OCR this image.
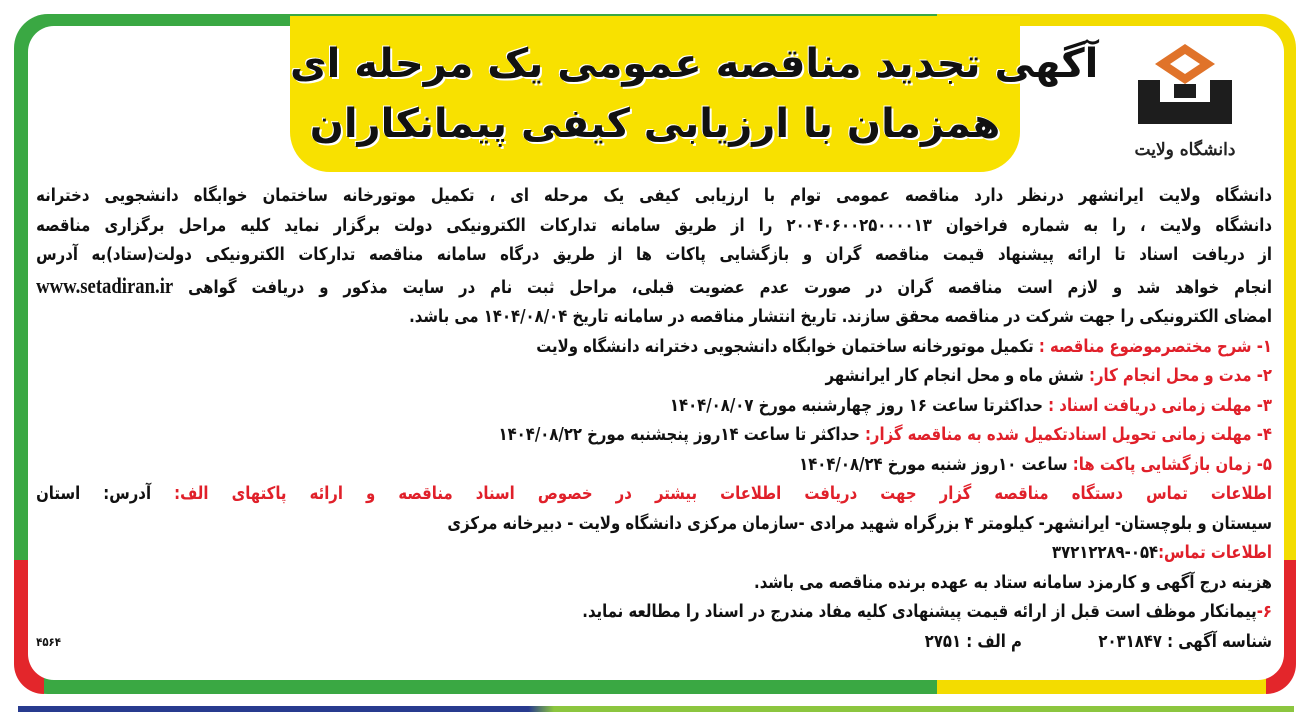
آگهی تجدید مناقصه عمومی یک مرحله ای
همزمان با ارزیابی کیفی پیمانکاران
دانشگاه ولایت
دانشگاه ولایت ایرانشهر درنظر دارد مناقصه عمومی توام با ارزیابی کیفی یک مرحله ای ، تکمیل موتورخانه ساختمان خوابگاه دانشجویی دخترانه
دانشگاه ولایت ، را به شماره فراخوان ۲۰۰۴۰۶۰۰۲۵۰۰۰۰۱۳ را از طریق سامانه تدارکات الکترونیکی دولت برگزار نماید کلیه مراحل برگزاری مناقصه
از دریافت اسناد تا ارائه پیشنهاد قیمت مناقصه گران و بازگشایی پاکات ها از طریق درگاه سامانه مناقصه تدارکات الکترونیکی دولت(ستاد)به آدرس
انجام خواهد شد و لازم است مناقصه گران در صورت عدم عضویت قبلی، مراحل ثبت نام در سایت مذکور و دریافت گواهی www.setadiran.ir
امضای الکترونیکی را جهت شرکت در مناقصه محقق سازند. تاریخ انتشار مناقصه در سامانه تاریخ ۱۴۰۴/۰۸/۰۴ می باشد.
۱- شرح مختصرموضوع مناقصه : تکمیل موتورخانه ساختمان خوابگاه دانشجویی دخترانه دانشگاه ولایت
۲- مدت و محل انجام کار: شش ماه و محل انجام کار ایرانشهر
۳- مهلت زمانی دریافت اسناد : حداکثرتا ساعت ۱۶ روز چهارشنبه مورخ ۱۴۰۴/۰۸/۰۷
۴- مهلت زمانی تحویل اسنادتکمیل شده به مناقصه گزار: حداکثر تا ساعت ۱۴روز پنجشنبه مورخ ۱۴۰۴/۰۸/۲۲
۵- زمان بازگشایی پاکت ها: ساعت ۱۰روز شنبه مورخ ۱۴۰۴/۰۸/۲۴
اطلاعات تماس دستگاه مناقصه گزار جهت دریافت اطلاعات بیشتر در خصوص اسناد مناقصه و ارائه پاکتهای الف: آدرس: استان
سیستان و بلوچستان- ایرانشهر- کیلومتر ۴ بزرگراه شهید مرادی -سازمان مرکزی دانشگاه ولایت - دبیرخانه مرکزی
اطلاعات تماس:۰۵۴-۳۷۲۱۲۲۸۹
هزینه درج آگهی و کارمزد سامانه ستاد به عهده برنده مناقصه می باشد.
۶-پیمانکار موظف است قبل از ارائه قیمت پیشنهادی کلیه مفاد مندرج در اسناد را مطالعه نماید.
۴۵۶۴	شناسه آگهی : ۲۰۳۱۸۴۷م الف : ۲۷۵۱
